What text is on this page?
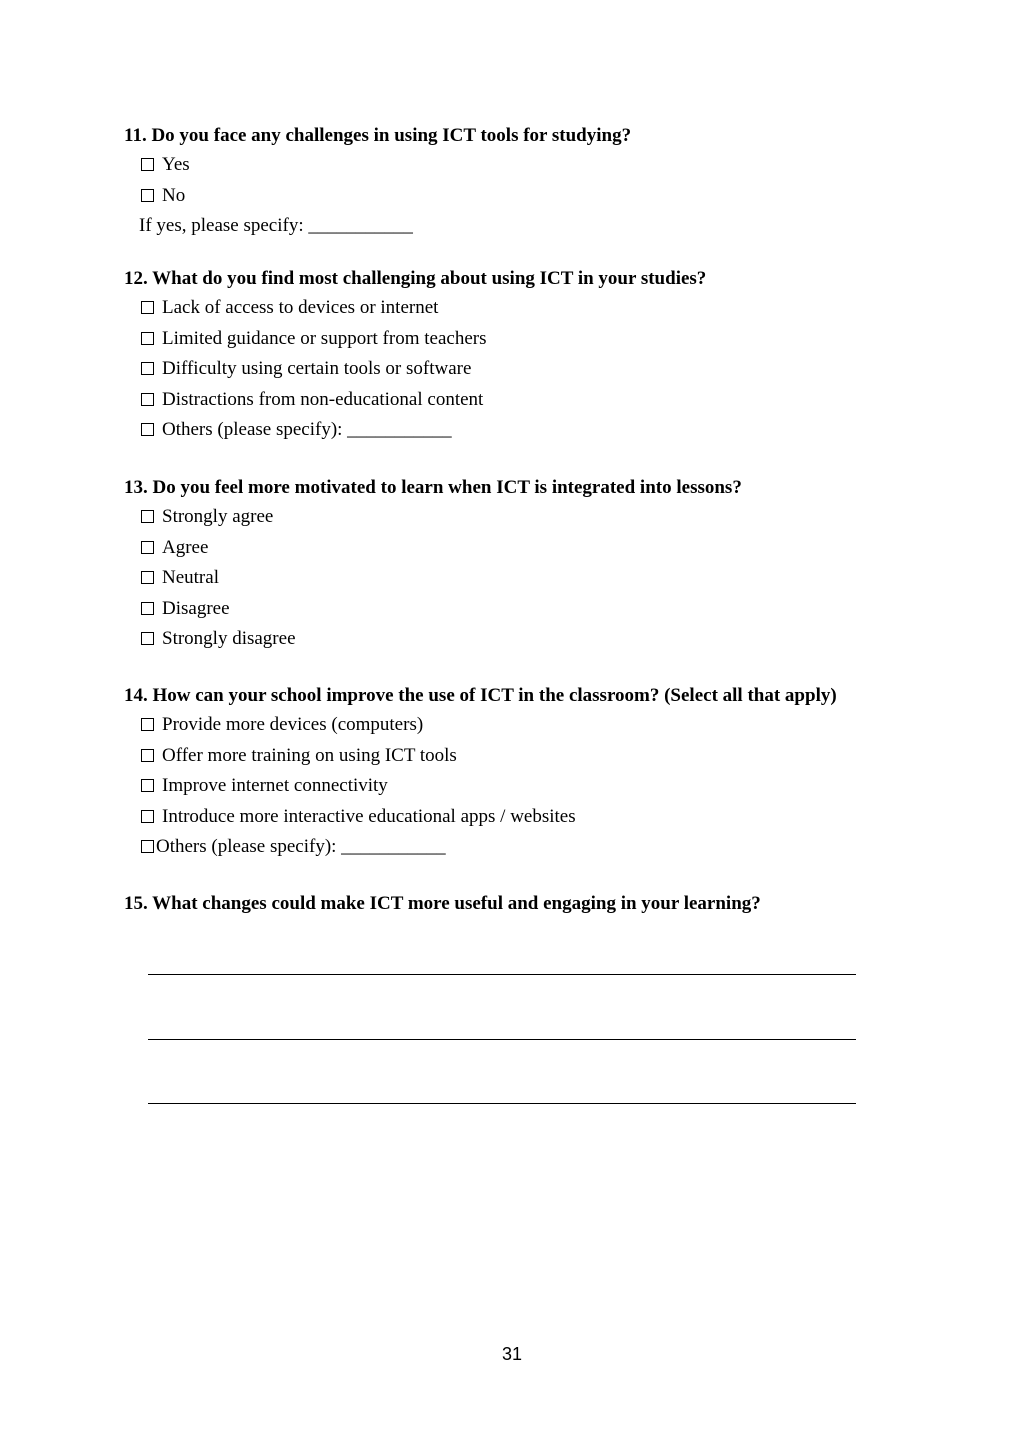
11. Do you face any challenges in using ICT tools for studying?
Yes
No
If yes, please specify: ___________
12. What do you find most challenging about using ICT in your studies?
Lack of access to devices or internet
Limited guidance or support from teachers
Difficulty using certain tools or software
Distractions from non-educational content
Others (please specify): ___________
13. Do you feel more motivated to learn when ICT is integrated into lessons?
Strongly agree
Agree
Neutral
Disagree
Strongly disagree
14. How can your school improve the use of ICT in the classroom? (Select all that apply)
Provide more devices (computers)
Offer more training on using ICT tools
Improve internet connectivity
Introduce more interactive educational apps / websites
Others (please specify): ___________
15. What changes could make ICT more useful and engaging in your learning?
31
